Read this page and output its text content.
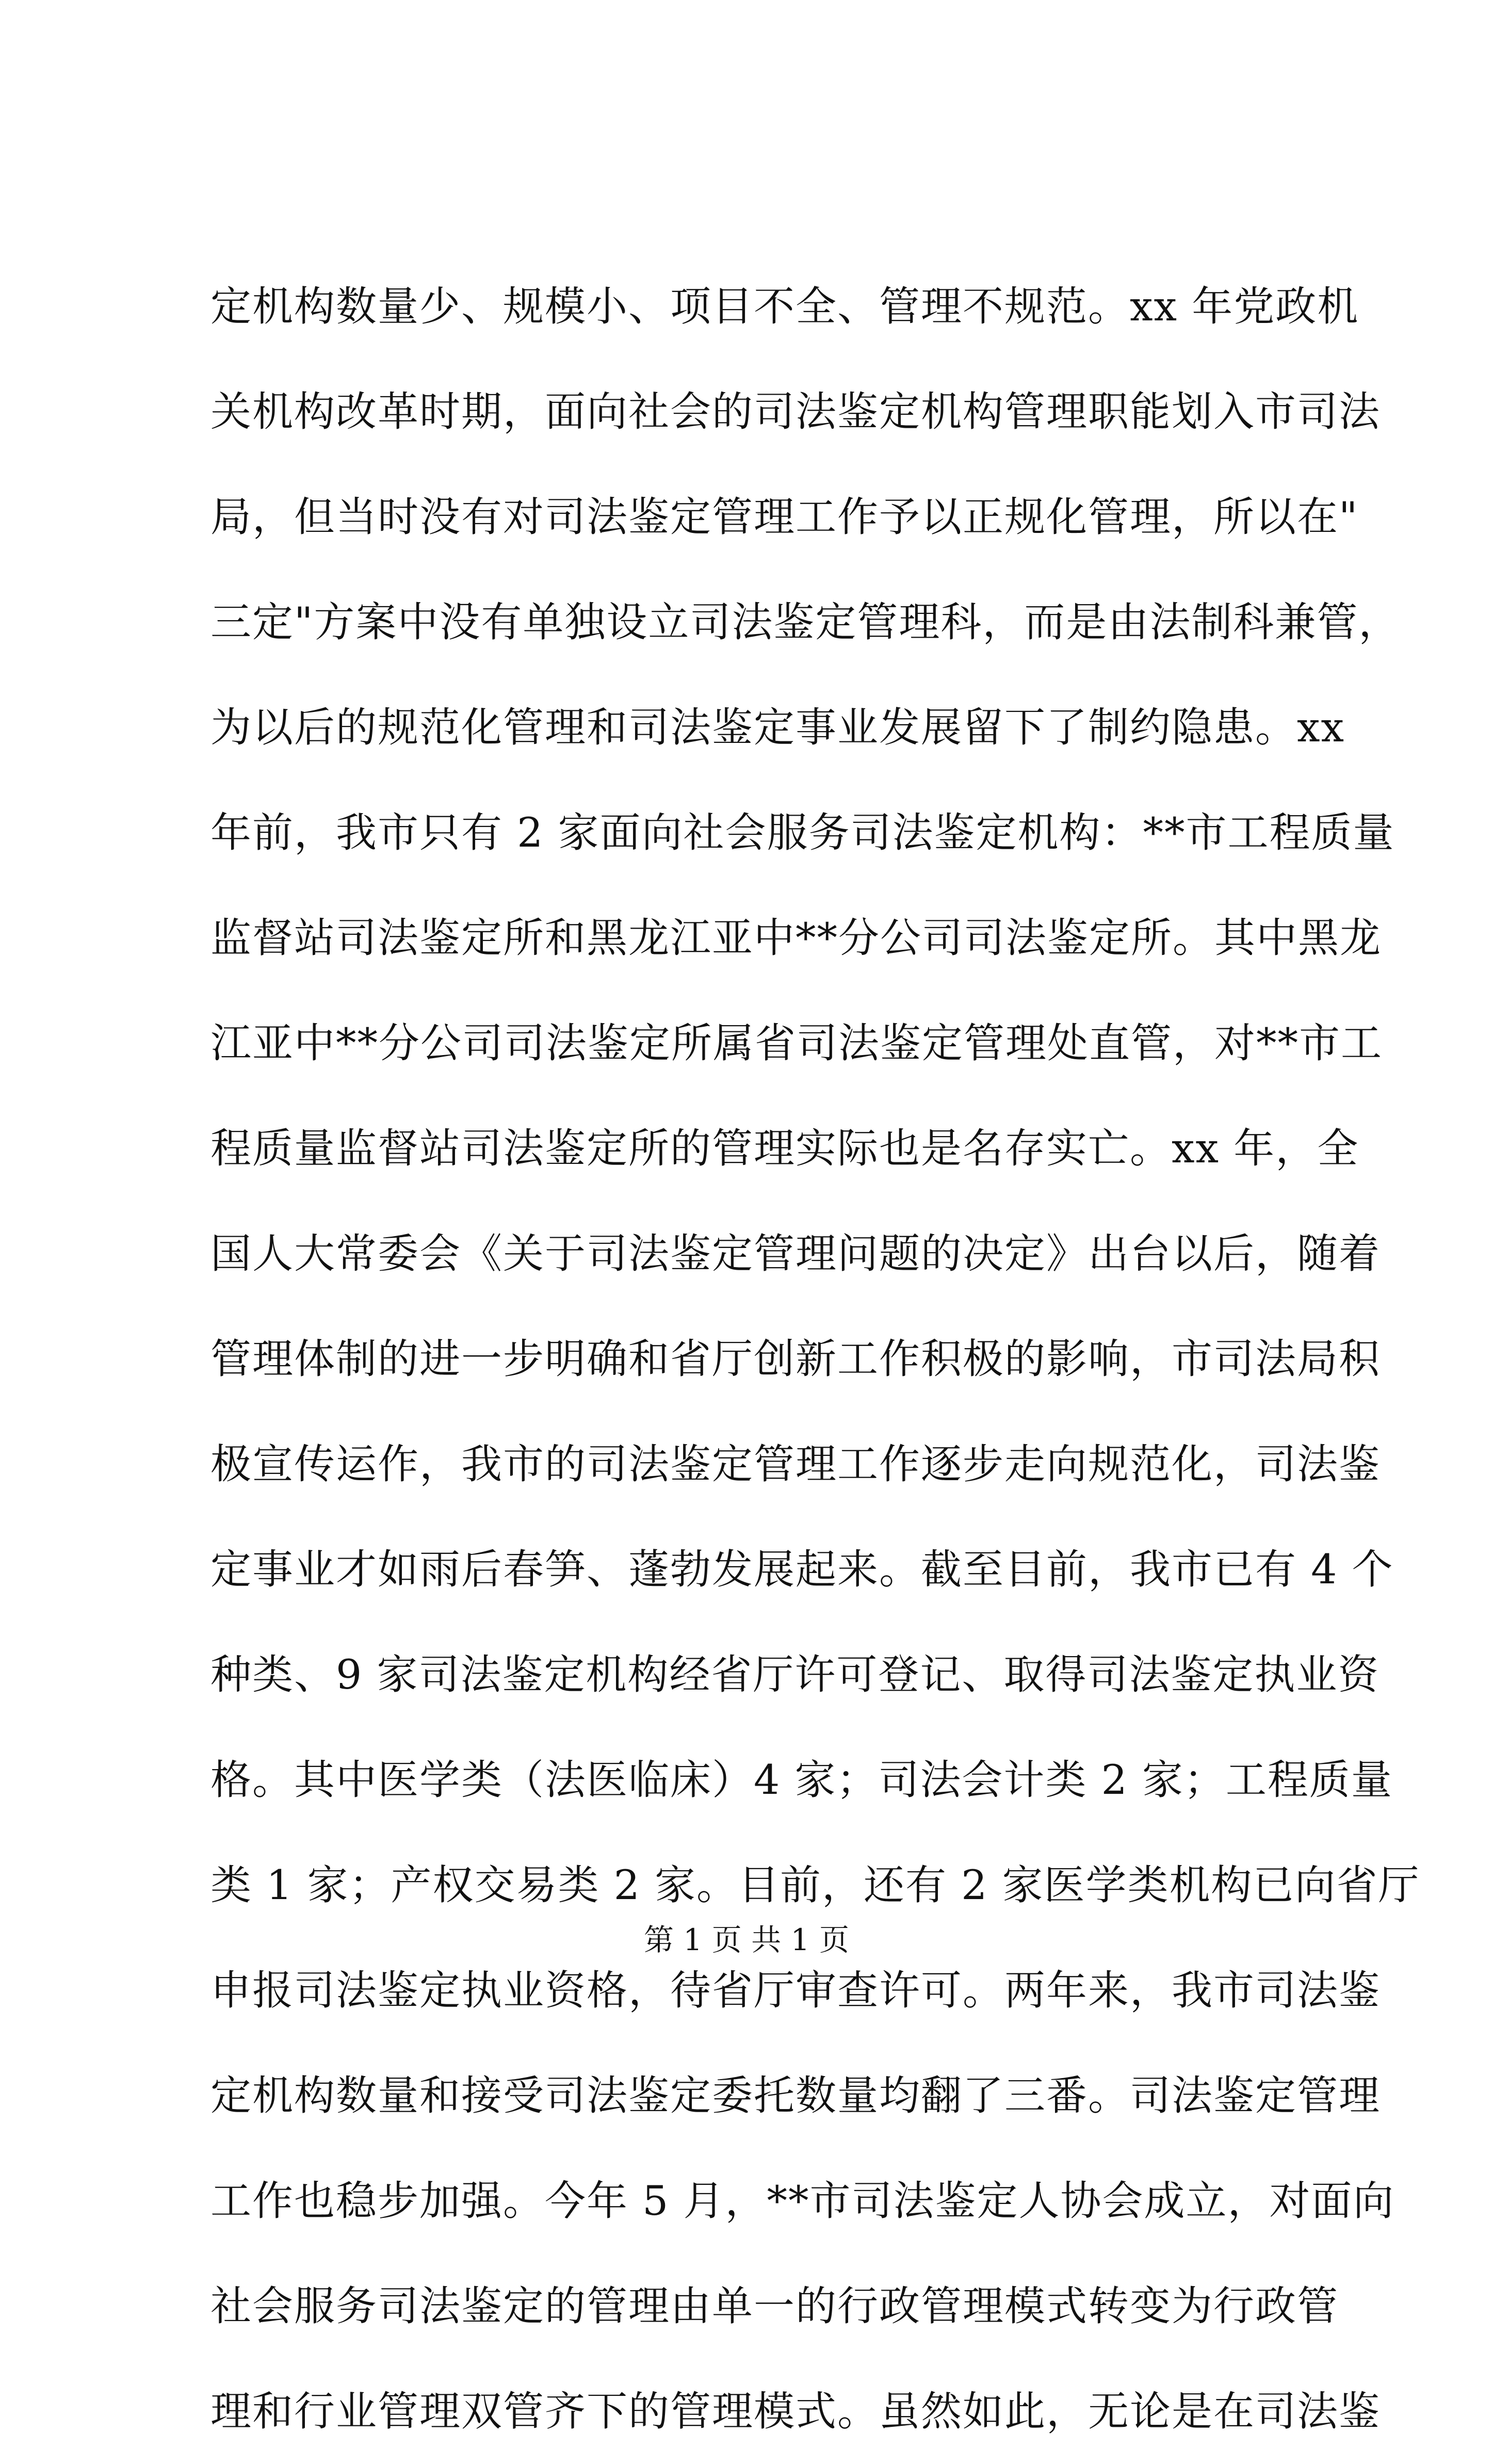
定机构数量少、规模小、项目不全、管理不规范。xx 年党政机
关机构改革时期，面向社会的司法鉴定机构管理职能划入市司法
局，但当时没有对司法鉴定管理工作予以正规化管理，所以在"
三定"方案中没有单独设立司法鉴定管理科，而是由法制科兼管，
为以后的规范化管理和司法鉴定事业发展留下了制约隐患。xx
年前，我市只有 2 家面向社会服务司法鉴定机构：**市工程质量
监督站司法鉴定所和黑龙江亚中**分公司司法鉴定所。其中黑龙
江亚中**分公司司法鉴定所属省司法鉴定管理处直管，对**市工
程质量监督站司法鉴定所的管理实际也是名存实亡。xx 年，全
国人大常委会《关于司法鉴定管理问题的决定》出台以后，随着
管理体制的进一步明确和省厅创新工作积极的影响，市司法局积
极宣传运作，我市的司法鉴定管理工作逐步走向规范化，司法鉴
定事业才如雨后春笋、蓬勃发展起来。截至目前，我市已有 4 个
种类、9 家司法鉴定机构经省厅许可登记、取得司法鉴定执业资
格。其中医学类（法医临床）4 家；司法会计类 2 家；工程质量
类 1 家；产权交易类 2 家。目前，还有 2 家医学类机构已向省厅
申报司法鉴定执业资格，待省厅审查许可。两年来，我市司法鉴
定机构数量和接受司法鉴定委托数量均翻了三番。司法鉴定管理
工作也稳步加强。今年 5 月，**市司法鉴定人协会成立，对面向
社会服务司法鉴定的管理由单一的行政管理模式转变为行政管
理和行业管理双管齐下的管理模式。虽然如此，无论是在司法鉴
第 1 页 共 1 页
